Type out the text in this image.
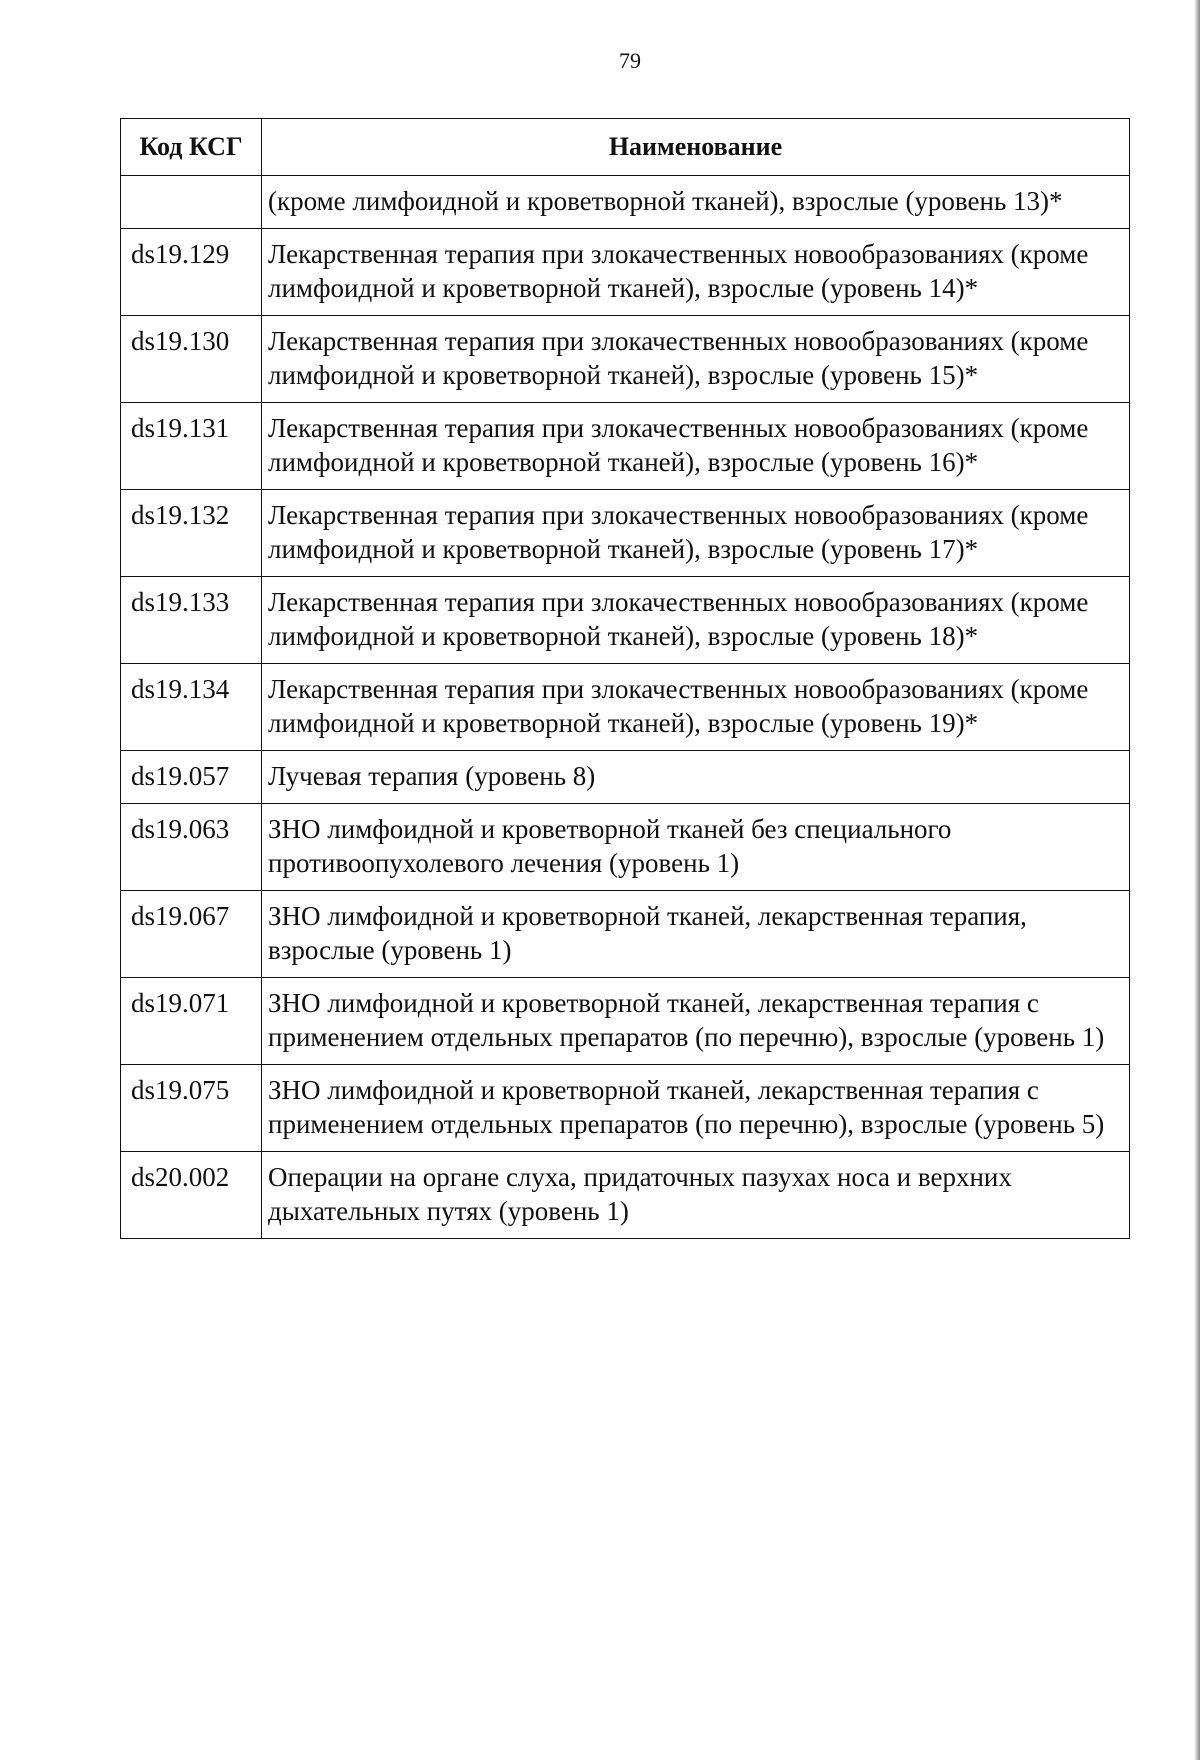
79
Код КСГ	Наименование
	(кроме лимфоидной и кроветворной тканей), взрослые (уровень 13)*
ds19.129	Лекарственная терапия при злокачественных новообразованиях (кроме лимфоидной и кроветворной тканей), взрослые (уровень 14)*
ds19.130	Лекарственная терапия при злокачественных новообразованиях (кроме лимфоидной и кроветворной тканей), взрослые (уровень 15)*
ds19.131	Лекарственная терапия при злокачественных новообразованиях (кроме лимфоидной и кроветворной тканей), взрослые (уровень 16)*
ds19.132	Лекарственная терапия при злокачественных новообразованиях (кроме лимфоидной и кроветворной тканей), взрослые (уровень 17)*
ds19.133	Лекарственная терапия при злокачественных новообразованиях (кроме лимфоидной и кроветворной тканей), взрослые (уровень 18)*
ds19.134	Лекарственная терапия при злокачественных новообразованиях (кроме лимфоидной и кроветворной тканей), взрослые (уровень 19)*
ds19.057	Лучевая терапия (уровень 8)
ds19.063	ЗНО лимфоидной и кроветворной тканей без специального противоопухолевого лечения (уровень 1)
ds19.067	ЗНО лимфоидной и кроветворной тканей, лекарственная терапия, взрослые (уровень 1)
ds19.071	ЗНО лимфоидной и кроветворной тканей, лекарственная терапия с применением отдельных препаратов (по перечню), взрослые (уровень 1)
ds19.075	ЗНО лимфоидной и кроветворной тканей, лекарственная терапия с применением отдельных препаратов (по перечню), взрослые (уровень 5)
ds20.002	Операции на органе слуха, придаточных пазухах носа и верхних дыхательных путях (уровень 1)
